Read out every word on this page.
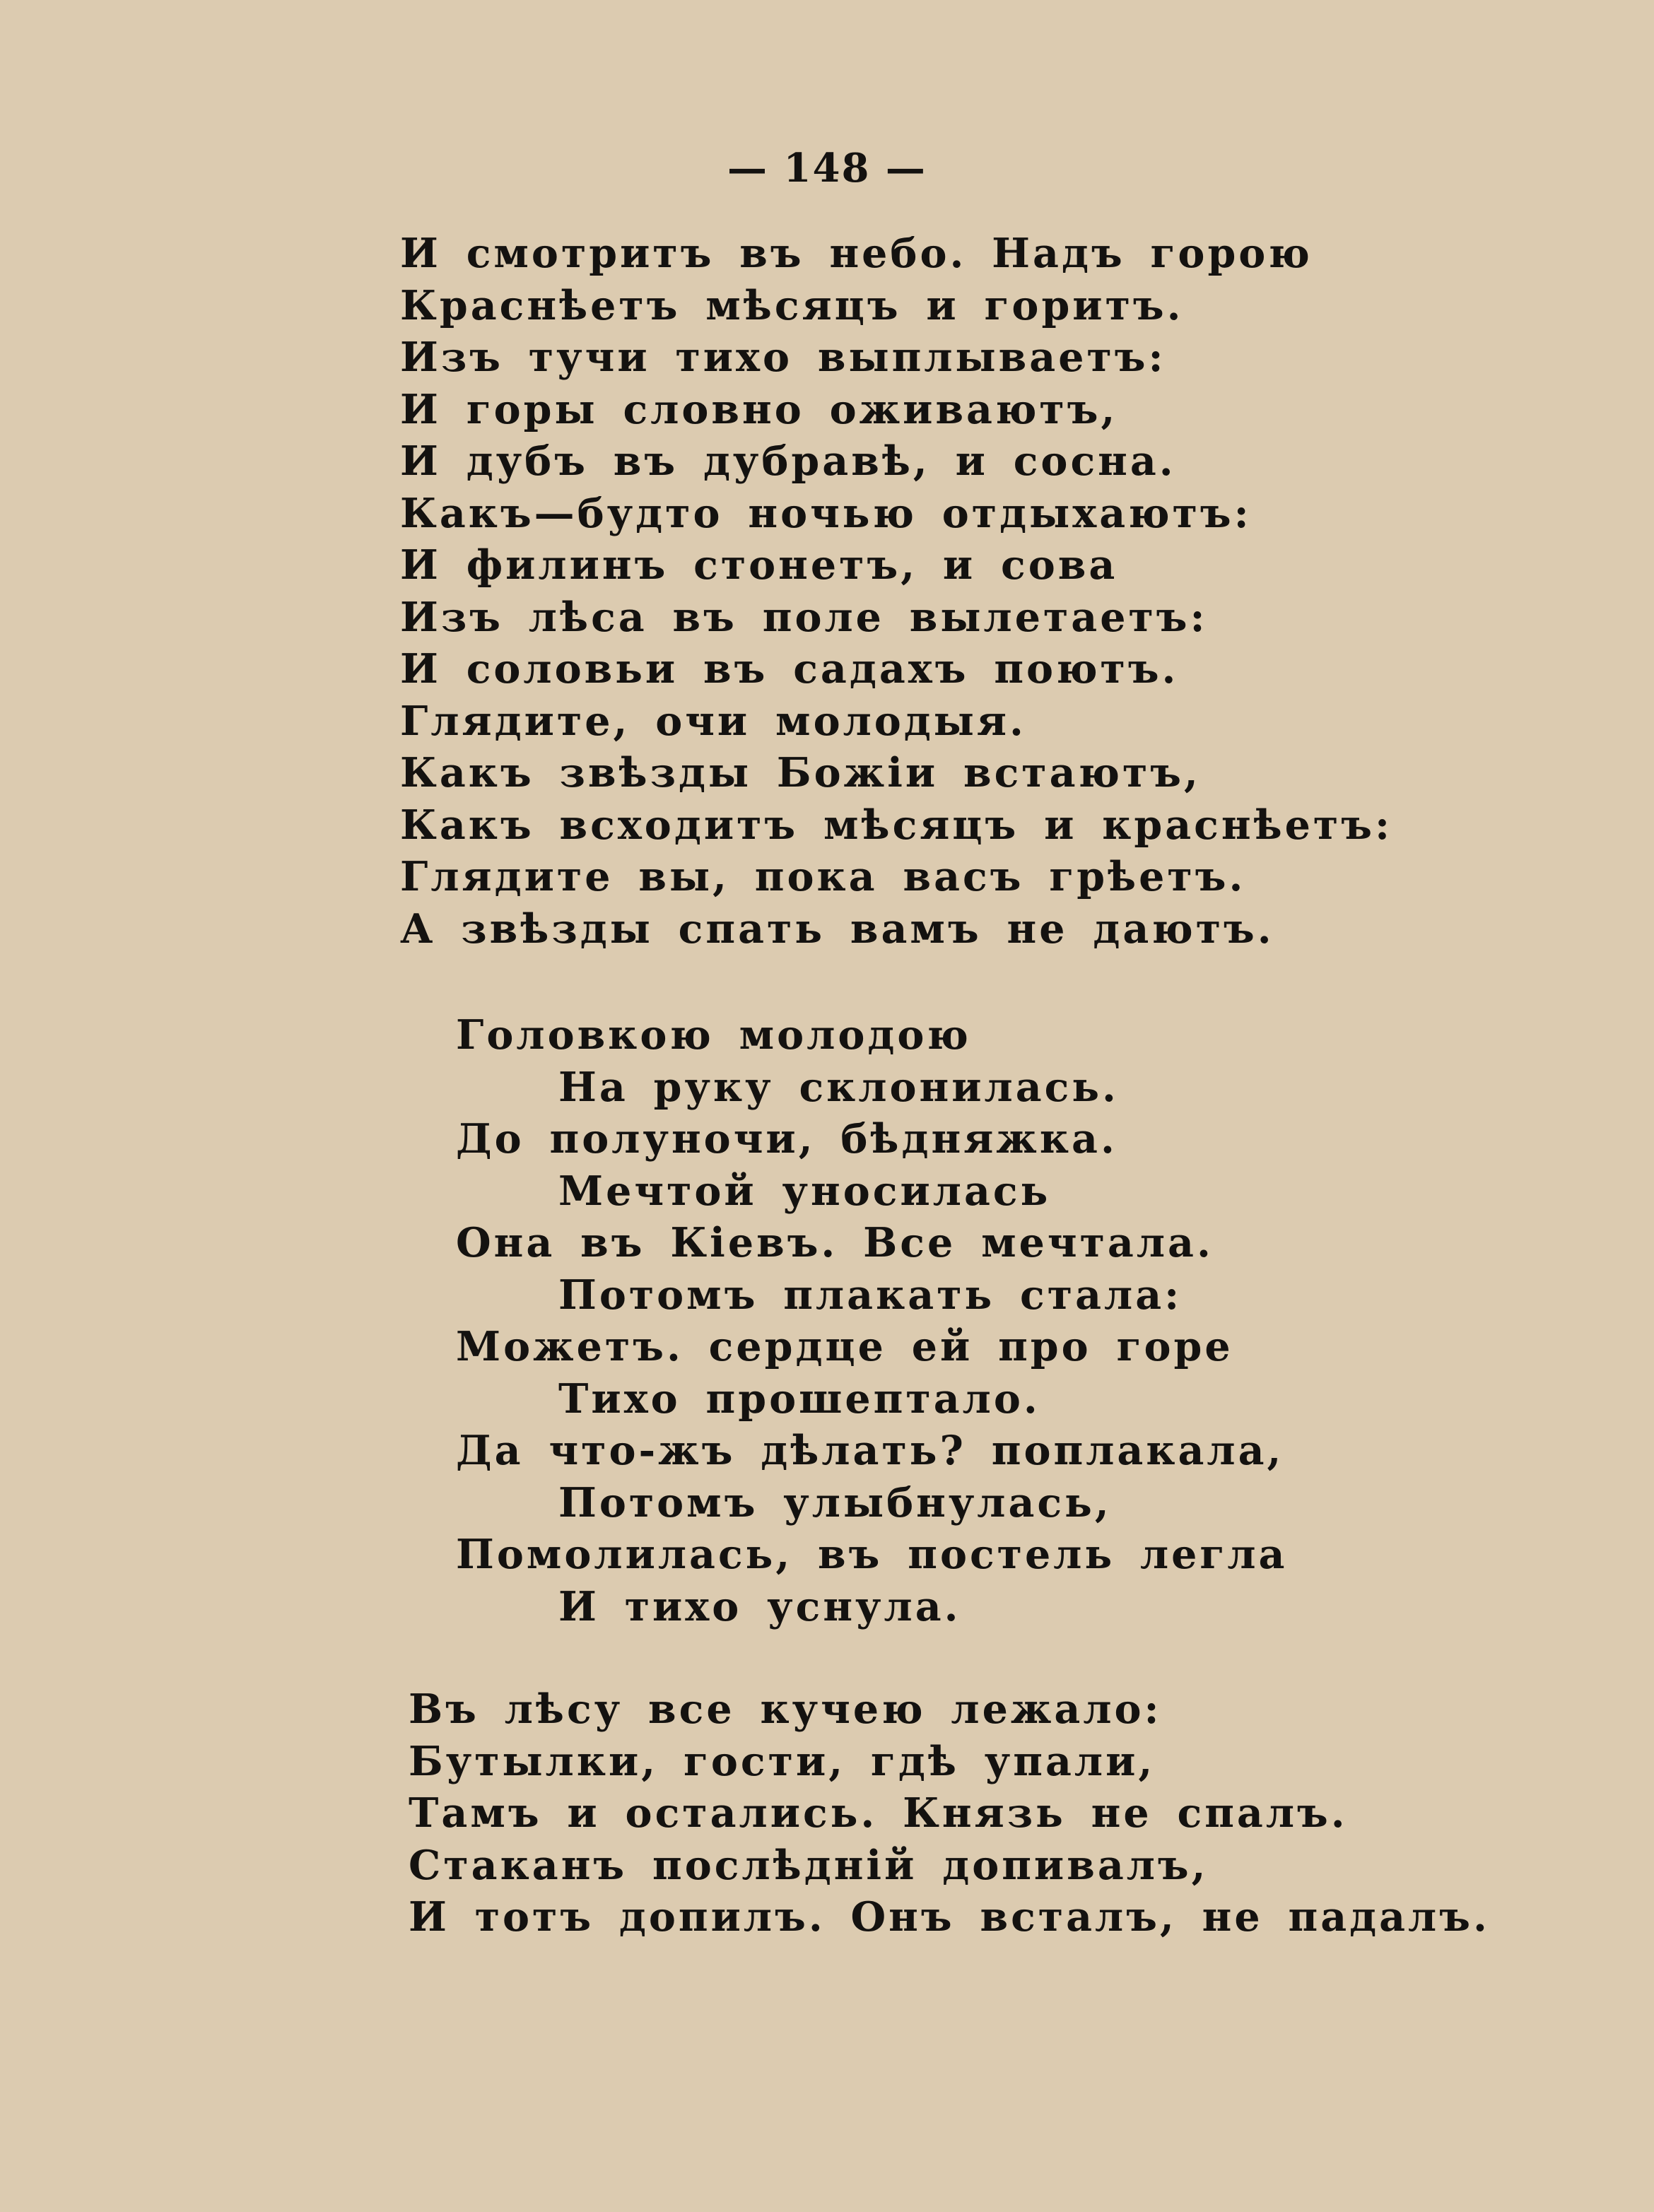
— 148 —
И смотритъ въ небо. Надъ горою
Краснѣетъ мѣсяцъ и горитъ.
Изъ тучи тихо выплываетъ:
И горы словно оживаютъ,
И дубъ въ дубравѣ, и сосна.
Какъ—будто ночью отдыхаютъ:
И филинъ стонетъ, и сова
Изъ лѣса въ поле вылетаетъ:
И соловьи въ садахъ поютъ.
Глядите, очи молодыя.
Какъ звѣзды Божіи встаютъ,
Какъ всходитъ мѣсяцъ и краснѣетъ:
Глядите вы, пока васъ грѣетъ.
А звѣзды спать вамъ не даютъ.
Головкою молодою
На руку склонилась.
До полуночи, бѣдняжка.
Мечтой уносилась
Она въ Кіевъ. Все мечтала.
Потомъ плакать стала:
Можетъ. сердце ей про горе
Тихо прошептало.
Да что-жъ дѣлать? поплакала,
Потомъ улыбнулась,
Помолилась, въ постель легла
И тихо уснула.
Въ лѣсу все кучею лежало:
Бутылки, гости, гдѣ упали,
Тамъ и остались. Князь не спалъ.
Стаканъ послѣдній допивалъ,
И тотъ допилъ. Онъ всталъ, не падалъ.
